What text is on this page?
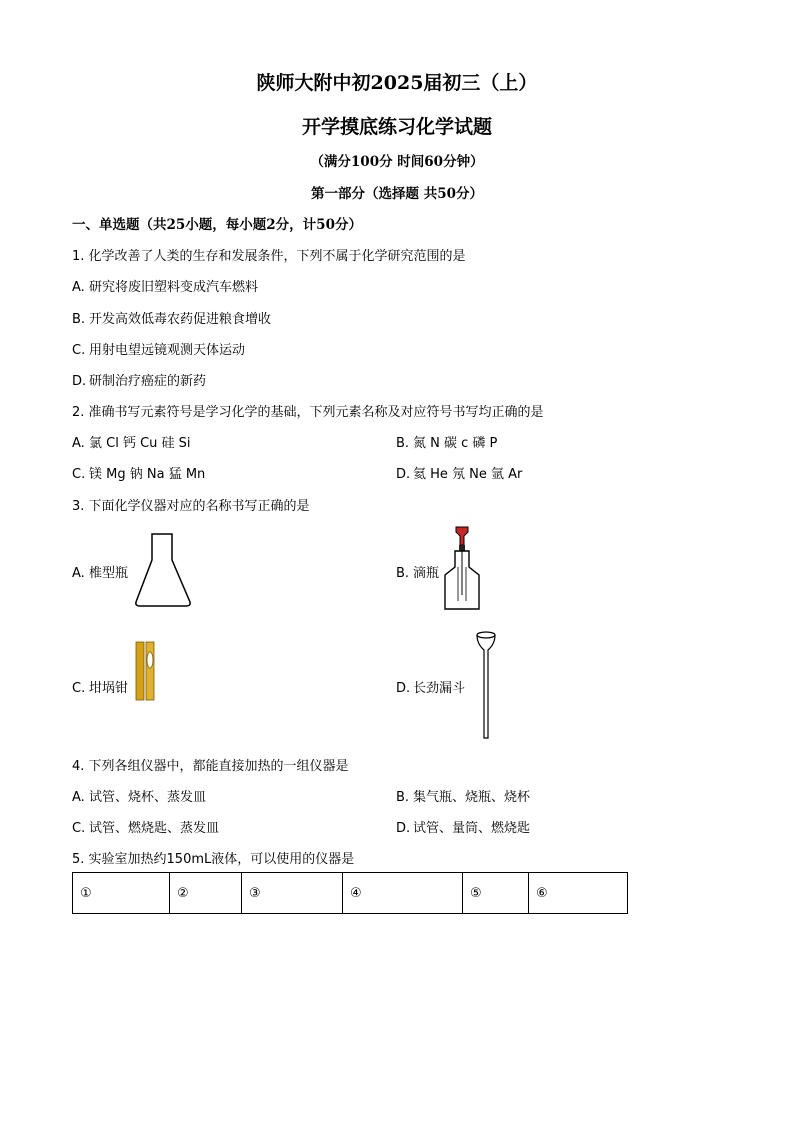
陕师大附中初2025届初三（上）
开学摸底练习化学试题
（满分100分 时间60分钟）
第一部分（选择题 共50分）
一、单选题（共25小题，每小题2分，计50分）
1. 化学改善了人类的生存和发展条件，下列不属于化学研究范围的是
A. 研究将废旧塑料变成汽车燃料
B. 开发高效低毒农药促进粮食增收
C. 用射电望远镜观测天体运动
D. 研制治疗癌症的新药
2. 准确书写元素符号是学习化学的基础，下列元素名称及对应符号书写均正确的是
A. 氯 Cl 钙 Cu 硅 Si	B. 氮 N 碳 c 磷 P
C. 镁 Mg 钠 Na 猛 Mn	D. 氦 He 氖 Ne 氩 Ar
3. 下面化学仪器对应的名称书写正确的是
A. 椎型瓶	B. 滴瓶
C. 坩埚钳	D. 长劲漏斗
4. 下列各组仪器中，都能直接加热的一组仪器是
A. 试管、烧杯、蒸发皿	B. 集气瓶、烧瓶、烧杯
C. 试管、燃烧匙、蒸发皿	D. 试管、量筒、燃烧匙
5. 实验室加热约150mL液体，可以使用的仪器是
①	②	③	④	⑤	⑥
